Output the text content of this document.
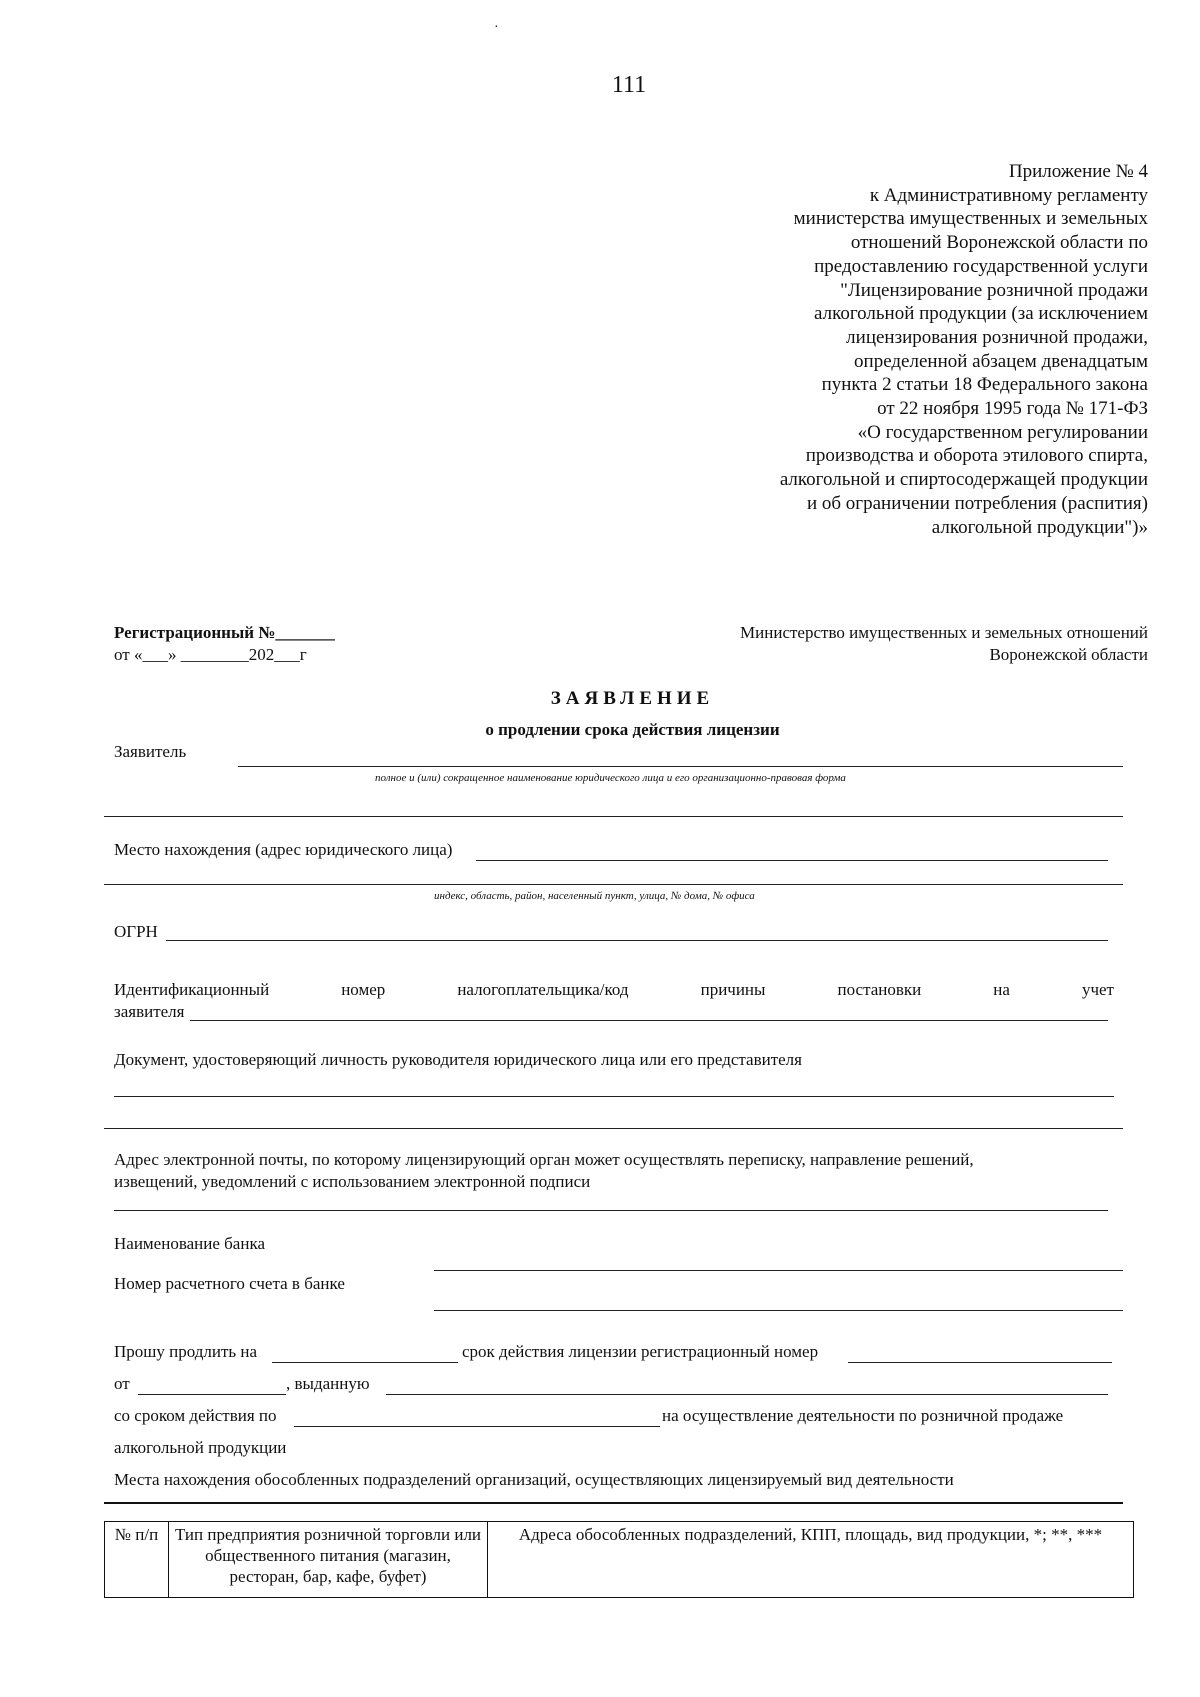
·
111
Приложение № 4
к Административному регламенту
министерства имущественных и земельных
отношений Воронежской области по
предоставлению государственной услуги
"Лицензирование розничной продажи
алкогольной продукции (за исключением
лицензирования розничной продажи,
определенной абзацем двенадцатым
пункта 2 статьи 18 Федерального закона
от 22 ноября 1995 года № 171-ФЗ
«О государственном регулировании
производства и оборота этилового спирта,
алкогольной и спиртосодержащей продукции
и об ограничении потребления (распития)
алкогольной продукции")»
Регистрационный №_______
от «___» ________202___г
Министерство имущественных и земельных отношений
Воронежской области
ЗАЯВЛЕНИЕ
о продлении срока действия лицензии
Заявитель
полное и (или) сокращенное наименование юридического лица и его организационно-правовая форма
Место нахождения (адрес юридического лица)
индекс, область, район, населенный пункт, улица, № дома, № офиса
ОГРН
Идентификационный	номер	налогоплательщика/код	причины	постановки	на	учет
заявителя
Документ, удостоверяющий личность руководителя юридического лица или его представителя
Адрес электронной почты, по которому лицензирующий орган может осуществлять переписку, направление решений,
извещений, уведомлений с использованием электронной подписи
Наименование банка
Номер расчетного счета в банке
Прошу продлить на	срок действия лицензии регистрационный номер
от	, выданную
со сроком действия по	на осуществление деятельности по розничной продаже
алкогольной продукции
Места нахождения обособленных подразделений организаций, осуществляющих лицензируемый вид деятельности
№ п/п	Тип предприятия розничной торговли или общественного питания (магазин, ресторан, бар, кафе, буфет)	Адреса обособленных подразделений, КПП, площадь, вид продукции, *; **, ***
